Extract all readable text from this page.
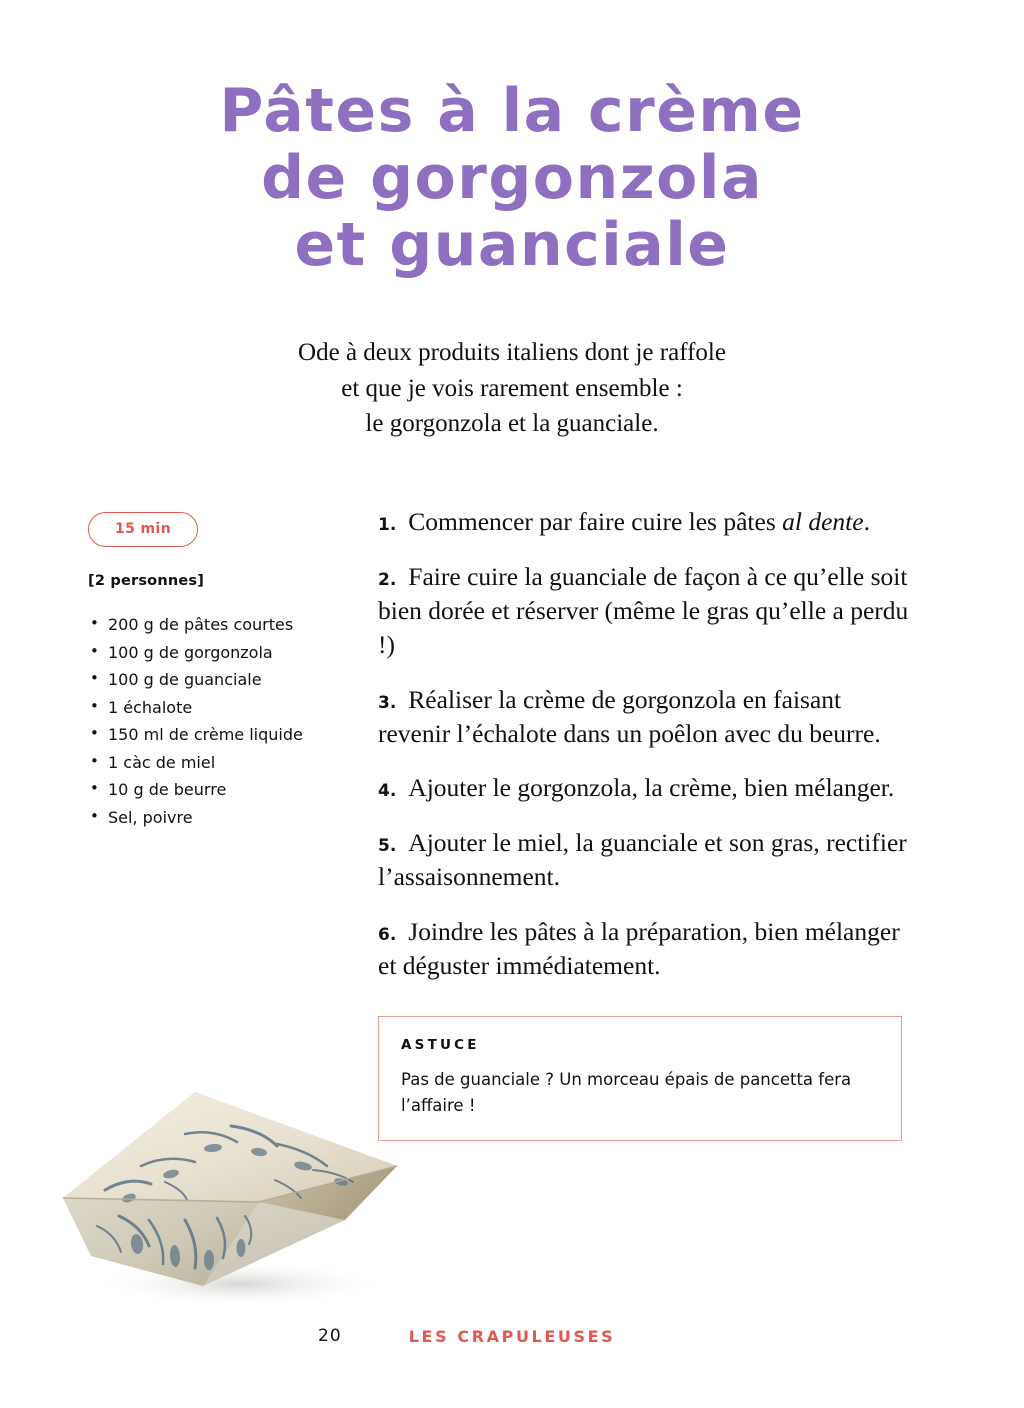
Pâtes à la crème
de gorgonzola
et guanciale
Ode à deux produits italiens dont je raffole
et que je vois rarement ensemble :
le gorgonzola et la guanciale.
15 min
[2 personnes]
• 200 g de pâtes courtes
• 100 g de gorgonzola
• 100 g de guanciale
• 1 échalote
• 150 ml de crème liquide
• 1 càc de miel
• 10 g de beurre
• Sel, poivre
1. Commencer par faire cuire les pâtes al dente.
2. Faire cuire la guanciale de façon à ce qu’elle soit bien dorée et réserver (même le gras qu’elle a perdu !)
3. Réaliser la crème de gorgonzola en faisant revenir l’échalote dans un poêlon avec du beurre.
4. Ajouter le gorgonzola, la crème, bien mélanger.
5. Ajouter le miel, la guanciale et son gras, rectifier l’assaisonnement.
6. Joindre les pâtes à la préparation, bien mélanger et déguster immédiatement.
ASTUCE
Pas de guanciale ? Un morceau épais de pancetta fera l’affaire !
20	LES CRAPULEUSES
